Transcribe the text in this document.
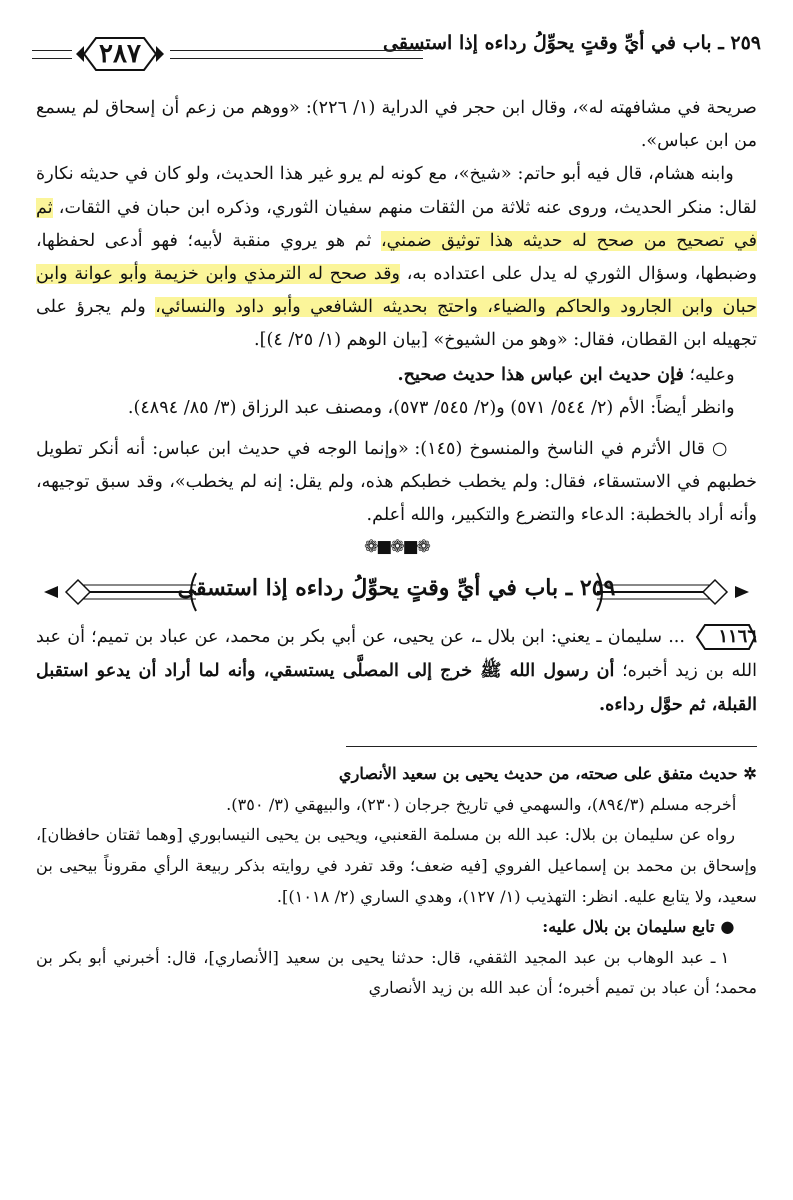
٢٥٩ ـ باب في أيِّ وقتٍ يحوِّلُ رداءه إذا استسقى
٢٨٧

صريحة في مشافهته له»، وقال ابن حجر في الدراية (١/ ٢٢٦): «ووهم من زعم أن إسحاق لم يسمع من ابن عباس».

وابنه هشام، قال فيه أبو حاتم: «شيخ»، مع كونه لم يرو غير هذا الحديث، ولو كان في حديثه نكارة لقال: منكر الحديث، وروى عنه ثلاثة من الثقات منهم سفيان الثوري، وذكره ابن حبان في الثقات، ثم في تصحيح من صحح له حديثه هذا توثيق ضمني، ثم هو يروي منقبة لأبيه؛ فهو أدعى لحفظها، وضبطها، وسؤال الثوري له يدل على اعتداده به، وقد صحح له الترمذي وابن خزيمة وأبو عوانة وابن حبان وابن الجارود والحاكم والضياء، واحتج بحديثه الشافعي وأبو داود والنسائي، ولم يجرؤ على تجهيله ابن القطان، فقال: «وهو من الشيوخ» [بيان الوهم (١/ ٢٥/ ٤)].

وعليه؛ فإن حديث ابن عباس هذا حديث صحيح.

وانظر أيضاً: الأم (٢/ ٥٤٤/ ٥٧١) و(٢/ ٥٤٥/ ٥٧٣)، ومصنف عبد الرزاق (٣/ ٨٥/ ٤٨٩٤).

○ قال الأثرم في الناسخ والمنسوخ (١٤٥): «وإنما الوجه في حديث ابن عباس: أنه أنكر تطويل خطبهم في الاستسقاء، فقال: ولم يخطب خطبكم هذه، ولم يقل: إنه لم يخطب»، وقد سبق توجيهه، وأنه أراد بالخطبة: الدعاء والتضرع والتكبير، والله أعلم.

❁■❁■❁
٢٥٩ ـ باب في أيِّ وقتٍ يحوِّلُ رداءه إذا استسقى

١١٦٦... سليمان ـ يعني: ابن بلال ـ، عن يحيى، عن أبي بكر بن محمد، عن عباد بن تميم؛ أن عبد الله بن زيد أخبره؛ أن رسول الله ﷺ خرج إلى المصلَّى يستسقي، وأنه لما أراد أن يدعو استقبل القبلة، ثم حوَّل رداءه.

✲ حديث متفق على صحته، من حديث يحيى بن سعيد الأنصاري

أخرجه مسلم (٨٩٤/٣)، والسهمي في تاريخ جرجان (٢٣٠)، والبيهقي (٣/ ٣٥٠).

رواه عن سليمان بن بلال: عبد الله بن مسلمة القعنبي، ويحيى بن يحيى النيسابوري [وهما ثقتان حافظان]، وإسحاق بن محمد بن إسماعيل الفروي [فيه ضعف؛ وقد تفرد في روايته بذكر ربيعة الرأي مقروناً بيحيى بن سعيد، ولا يتابع عليه. انظر: التهذيب (١/ ١٢٧)، وهدي الساري (٢/ ١٠١٨)].

● تابع سليمان بن بلال عليه:

١ ـ عبد الوهاب بن عبد المجيد الثقفي، قال: حدثنا يحيى بن سعيد [الأنصاري]، قال: أخبرني أبو بكر بن محمد؛ أن عباد بن تميم أخبره؛ أن عبد الله بن زيد الأنصاري
